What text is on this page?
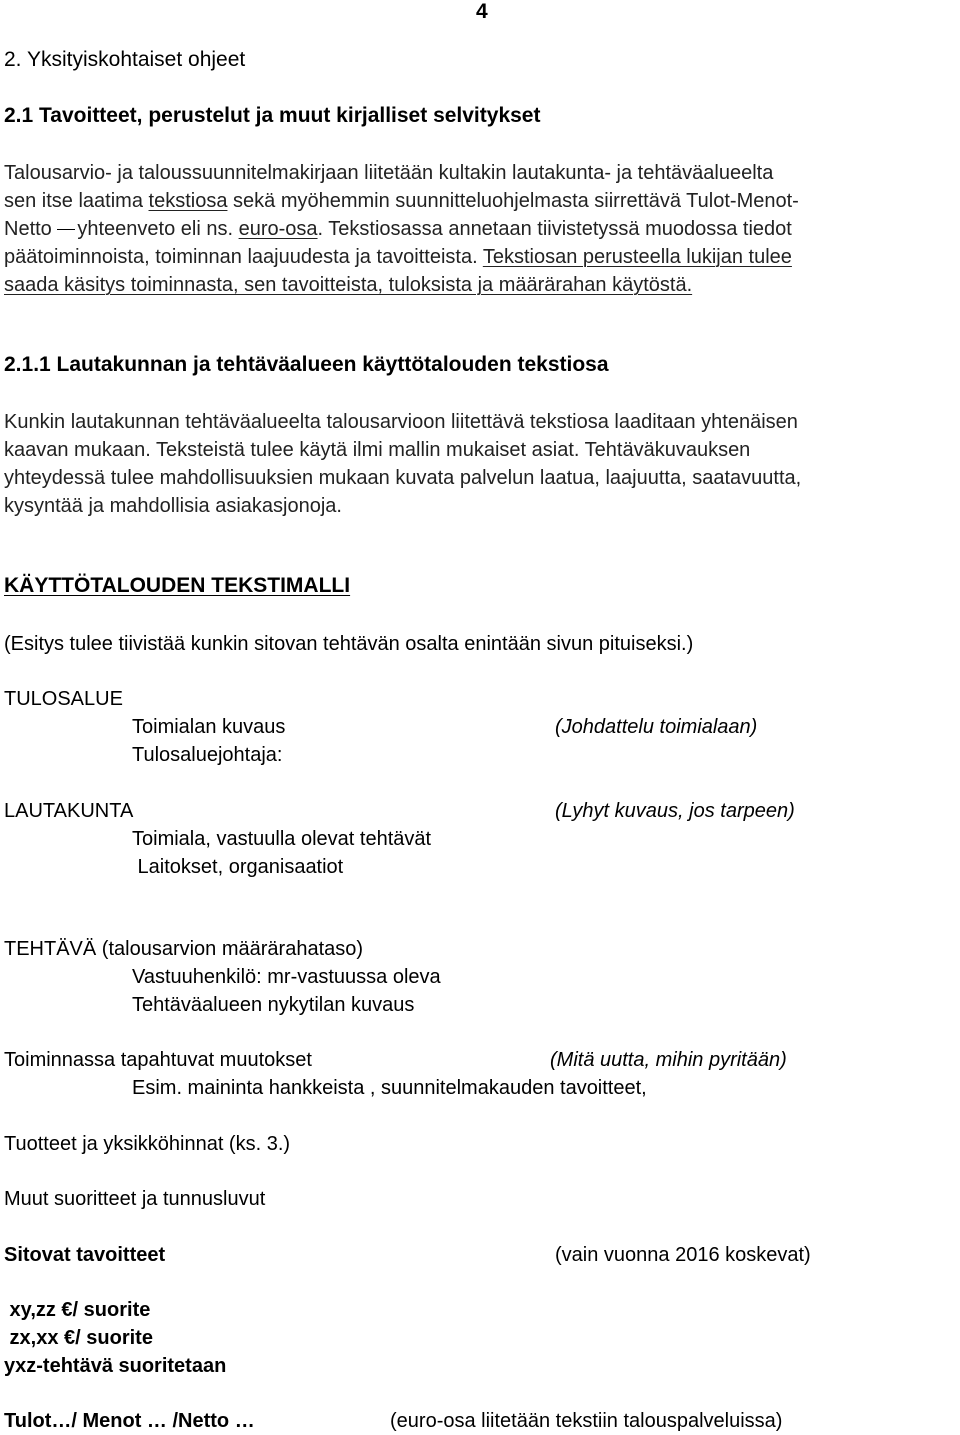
4
2. Yksityiskohtaiset ohjeet
2.1 Tavoitteet, perustelut ja muut kirjalliset selvitykset
Talousarvio- ja taloussuunnitelmakirjaan liitetään kultakin lautakunta- ja tehtäväalueelta
sen itse laatima tekstiosa sekä myöhemmin suunnitteluohjelmasta siirrettävä Tulot-Menot-
Netto yhteenveto eli ns. euro-osa. Tekstiosassa annetaan tiivistetyssä muodossa tiedot
päätoiminnoista, toiminnan laajuudesta ja tavoitteista. Tekstiosan perusteella lukijan tulee
saada käsitys toiminnasta, sen tavoitteista, tuloksista ja määrärahan käytöstä.
2.1.1 Lautakunnan ja tehtäväalueen käyttötalouden tekstiosa
Kunkin lautakunnan tehtäväalueelta talousarvioon liitettävä tekstiosa laaditaan yhtenäisen
kaavan mukaan. Teksteistä tulee käytä ilmi mallin mukaiset asiat. Tehtäväkuvauksen
yhteydessä tulee mahdollisuuksien mukaan kuvata palvelun laatua, laajuutta, saatavuutta,
kysyntää ja mahdollisia asiakasjonoja.
KÄYTTÖTALOUDEN TEKSTIMALLI
(Esitys tulee tiivistää kunkin sitovan tehtävän osalta enintään sivun pituiseksi.)
TULOSALUE
Toimialan kuvaus	(Johdattelu toimialaan)
Tulosaluejohtaja:
LAUTAKUNTA	(Lyhyt kuvaus, jos tarpeen)
Toimiala, vastuulla olevat tehtävät
Laitokset, organisaatiot
TEHTÄVÄ (talousarvion määrärahataso)
Vastuuhenkilö: mr-vastuussa oleva
Tehtäväalueen nykytilan kuvaus
Toiminnassa tapahtuvat muutokset	(Mitä uutta, mihin pyritään)
Esim. maininta hankkeista , suunnitelmakauden tavoitteet,
Tuotteet ja yksikköhinnat (ks. 3.)
Muut suoritteet ja tunnusluvut
Sitovat tavoitteet	(vain vuonna 2016 koskevat)
xy,zz €/ suorite
zx,xx €/ suorite
yxz-tehtävä suoritetaan
Tulot…/ Menot … /Netto …	(euro-osa liitetään tekstiin talouspalveluissa)
